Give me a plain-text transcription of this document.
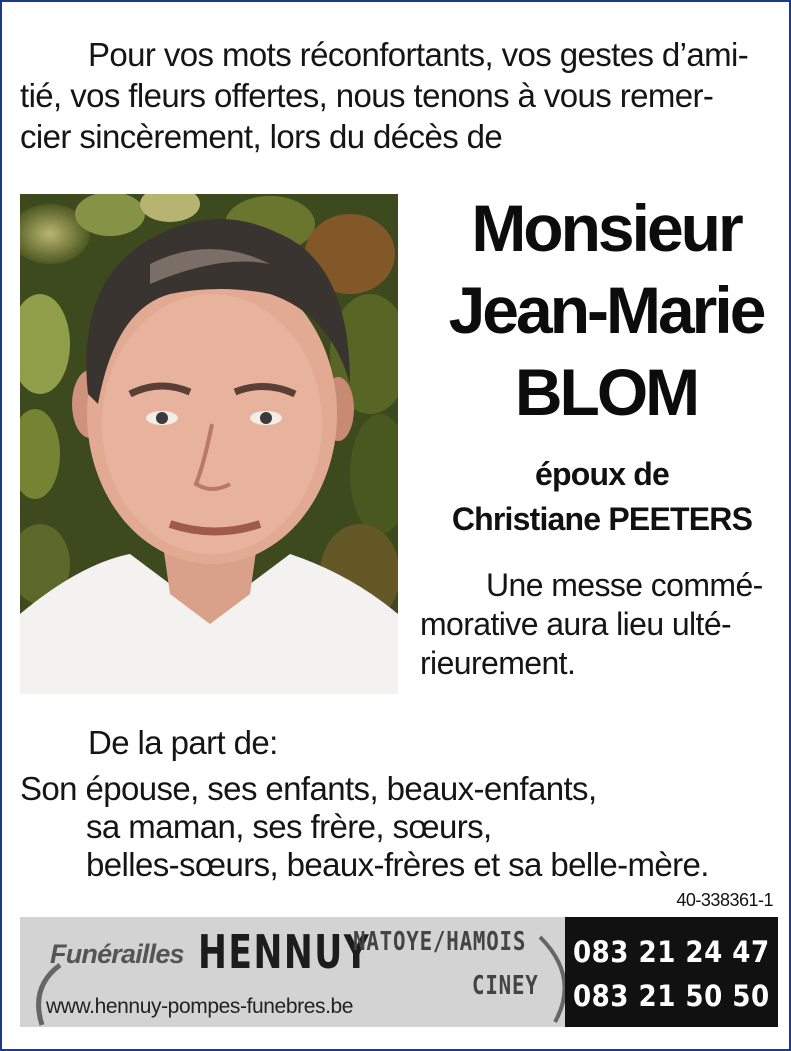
Pour vos mots réconfortants, vos gestes d’ami-
tié, vos fleurs offertes, nous tenons à vous remer-
cier sincèrement, lors du décès de
Monsieur
Jean-Marie
BLOM
époux de
Christiane PEETERS
Une messe commé-
morative aura lieu ulté-
rieurement.
De la part de:
Son épouse, ses enfants, beaux-enfants,
sa maman, ses frère, sœurs,
belles-sœurs, beaux-frères et sa belle-mère.
40-338361-1
Funérailles HENNUY
NATOYE/HAMOIS
CINEY
www.hennuy-pompes-funebres.be
083 21 24 47
083 21 50 50
